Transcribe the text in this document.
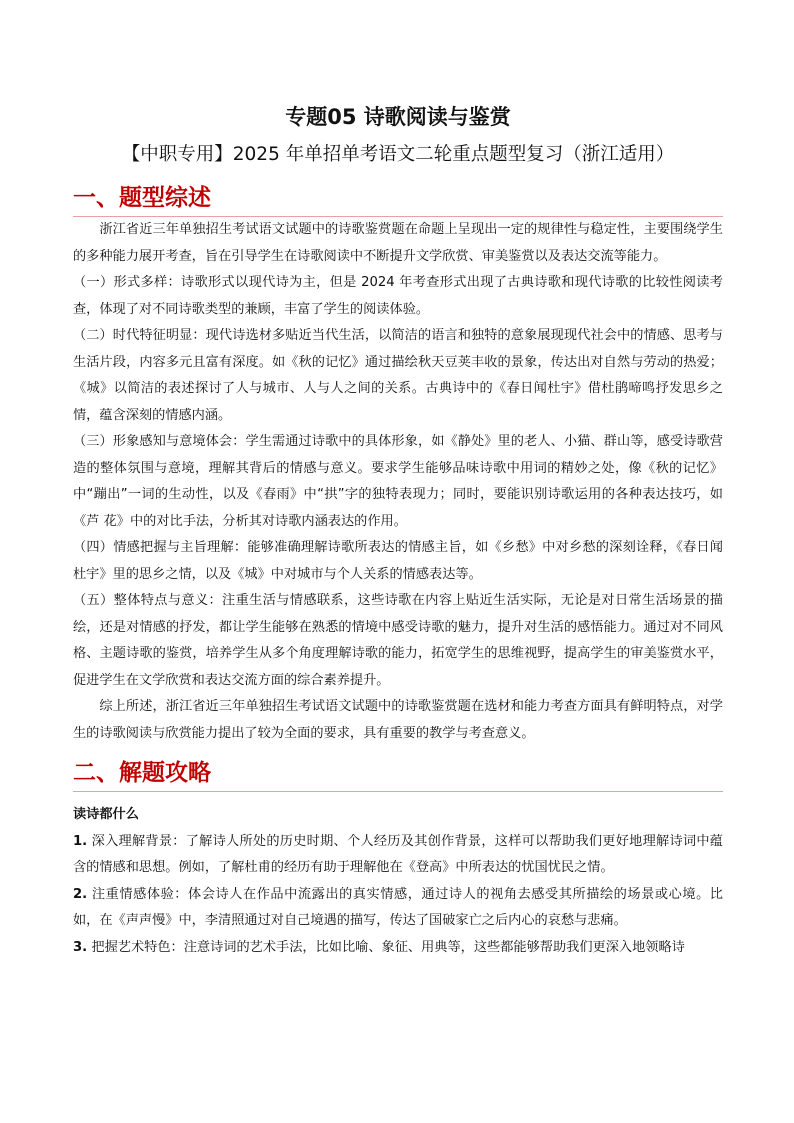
专题05 诗歌阅读与鉴赏
【中职专用】2025 年单招单考语文二轮重点题型复习（浙江适用）
一、题型综述

浙江省近三年单独招生考试语文试题中的诗歌鉴赏题在命题上呈现出一定的规律性与稳定性，主要围绕学生的多种能力展开考查，旨在引导学生在诗歌阅读中不断提升文学欣赏、审美鉴赏以及表达交流等能力。

（一）形式多样：诗歌形式以现代诗为主，但是 2024 年考查形式出现了古典诗歌和现代诗歌的比较性阅读考查，体现了对不同诗歌类型的兼顾，丰富了学生的阅读体验。

（二）时代特征明显：现代诗选材多贴近当代生活，以简洁的语言和独特的意象展现现代社会中的情感、思考与生活片段，内容多元且富有深度。如《秋的记忆》通过描绘秋天豆荚丰收的景象，传达出对自然与劳动的热爱；《城》以简洁的表述探讨了人与城市、人与人之间的关系。古典诗中的《春日闻杜宇》借杜鹃啼鸣抒发思乡之情，蕴含深刻的情感内涵。

（三）形象感知与意境体会：学生需通过诗歌中的具体形象，如《静处》里的老人、小猫、群山等，感受诗歌营造的整体氛围与意境，理解其背后的情感与意义。要求学生能够品味诗歌中用词的精妙之处，像《秋的记忆》中“蹦出”一词的生动性，以及《春雨》中“拱”字的独特表现力；同时，要能识别诗歌运用的各种表达技巧，如《芦 花》中的对比手法，分析其对诗歌内涵表达的作用。

（四）情感把握与主旨理解：能够准确理解诗歌所表达的情感主旨，如《乡愁》中对乡愁的深刻诠释，《春日闻杜宇》里的思乡之情，以及《城》中对城市与个人关系的情感表达等。

（五）整体特点与意义：注重生活与情感联系，这些诗歌在内容上贴近生活实际，无论是对日常生活场景的描绘，还是对情感的抒发，都让学生能够在熟悉的情境中感受诗歌的魅力，提升对生活的感悟能力。通过对不同风格、主题诗歌的鉴赏，培养学生从多个角度理解诗歌的能力，拓宽学生的思维视野，提高学生的审美鉴赏水平，促进学生在文学欣赏和表达交流方面的综合素养提升。

综上所述，浙江省近三年单独招生考试语文试题中的诗歌鉴赏题在选材和能力考查方面具有鲜明特点，对学生的诗歌阅读与欣赏能力提出了较为全面的要求，具有重要的教学与考查意义。

二、解题攻略
读诗都什么

1. 深入理解背景：了解诗人所处的历史时期、个人经历及其创作背景，这样可以帮助我们更好地理解诗词中蕴含的情感和思想。例如，了解杜甫的经历有助于理解他在《登高》中所表达的忧国忧民之情。

2. 注重情感体验：体会诗人在作品中流露出的真实情感，通过诗人的视角去感受其所描绘的场景或心境。比如，在《声声慢》中，李清照通过对自己境遇的描写，传达了国破家亡之后内心的哀愁与悲痛。

3. 把握艺术特色：注意诗词的艺术手法，比如比喻、象征、用典等，这些都能够帮助我们更深入地领略诗
